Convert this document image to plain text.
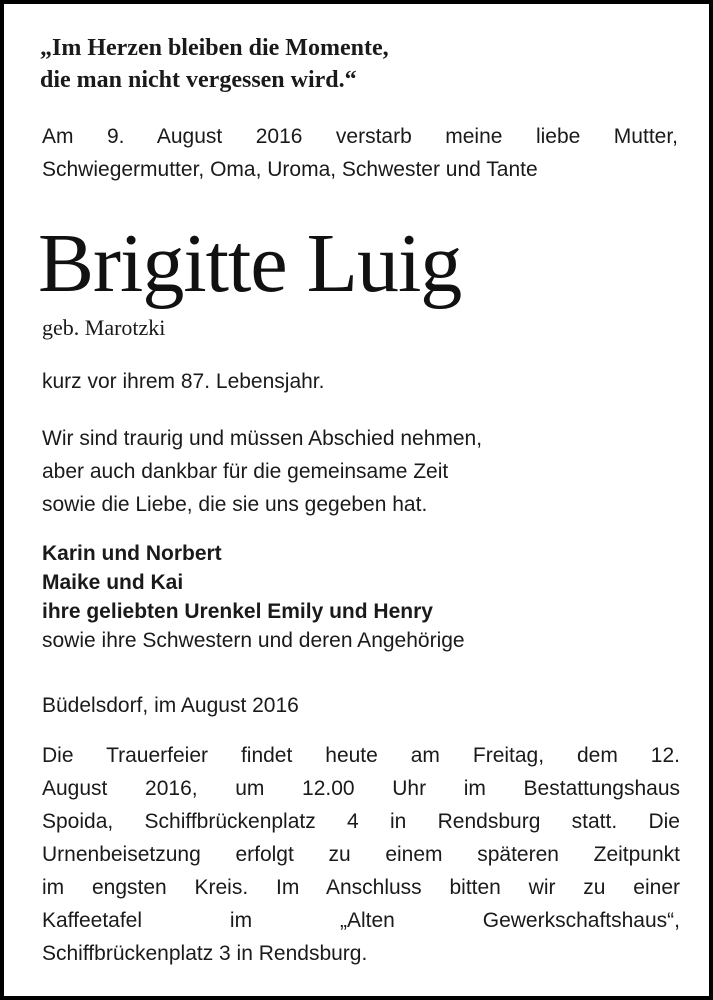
„Im Herzen bleiben die Momente,
die man nicht vergessen wird.“
Am 9. August 2016 verstarb meine liebe Mutter,
Schwiegermutter, Oma, Uroma, Schwester und Tante
Brigitte Luig
geb. Marotzki
kurz vor ihrem 87. Lebensjahr.
Wir sind traurig und müssen Abschied nehmen,
aber auch dankbar für die gemeinsame Zeit
sowie die Liebe, die sie uns gegeben hat.
Karin und Norbert
Maike und Kai
ihre geliebten Urenkel Emily und Henry
sowie ihre Schwestern und deren Angehörige
Büdelsdorf, im August 2016
Die Trauerfeier findet heute am Freitag, dem 12.
August 2016, um 12.00 Uhr im Bestattungshaus
Spoida, Schiffbrückenplatz 4 in Rendsburg statt. Die
Urnenbeisetzung erfolgt zu einem späteren Zeitpunkt
im engsten Kreis. Im Anschluss bitten wir zu einer
Kaffeetafel im „Alten Gewerkschaftshaus“,
Schiffbrückenplatz 3 in Rendsburg.
